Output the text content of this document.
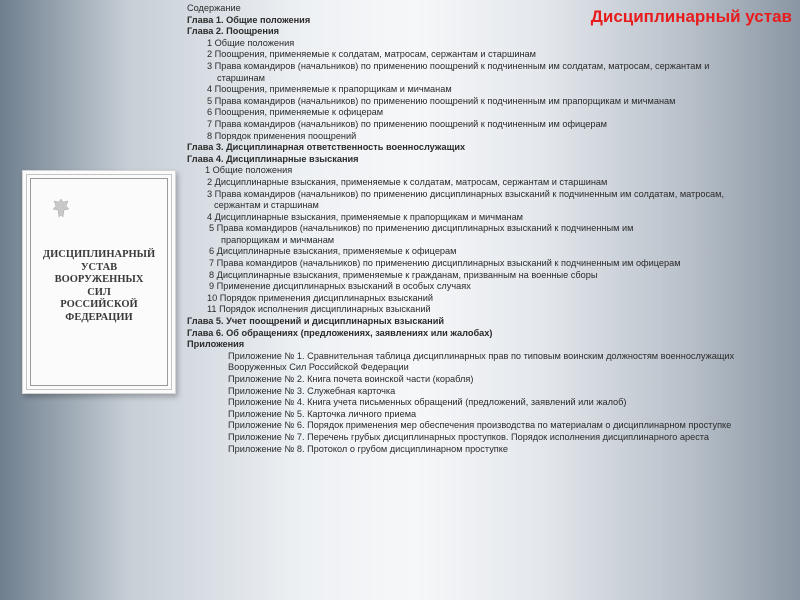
Дисциплинарный устав
ДИСЦИПЛИНАРНЫЙ
УСТАВ
ВООРУЖЕННЫХ
СИЛ
РОССИЙСКОЙ
ФЕДЕРАЦИИ
Содержание
Глава 1. Общие положения
Глава 2. Поощрения
1 Общие положения
2 Поощрения, применяемые к солдатам, матросам, сержантам и старшинам
3 Права командиров (начальников) по применению поощрений к подчиненным им солдатам, матросам, сержантам и
старшинам
4 Поощрения, применяемые к прапорщикам и мичманам
5 Права командиров (начальников) по применению поощрений к подчиненным им прапорщикам и мичманам
6 Поощрения, применяемые к офицерам
7 Права командиров (начальников) по применению поощрений к подчиненным им офицерам
8 Порядок применения поощрений
Глава 3. Дисциплинарная ответственность военнослужащих
Глава 4. Дисциплинарные взыскания
1 Общие положения
2 Дисциплинарные взыскания, применяемые к солдатам, матросам, сержантам и старшинам
3 Права командиров (начальников) по применению дисциплинарных взысканий к подчиненным им солдатам, матросам,
сержантам и старшинам
4 Дисциплинарные взыскания, применяемые к прапорщикам и мичманам
5 Права командиров (начальников) по применению дисциплинарных взысканий к подчиненным им
прапорщикам и мичманам
6 Дисциплинарные взыскания, применяемые к офицерам
7 Права командиров (начальников) по применению дисциплинарных взысканий к подчиненным им офицерам
8 Дисциплинарные взыскания, применяемые к гражданам, призванным на военные сборы
9 Применение дисциплинарных взысканий в особых случаях
10 Порядок применения дисциплинарных взысканий
11 Порядок исполнения дисциплинарных взысканий
Глава 5. Учет поощрений и дисциплинарных взысканий
Глава 6. Об обращениях (предложениях, заявлениях или жалобах)
Приложения
Приложение № 1. Сравнительная таблица дисциплинарных прав по типовым воинским должностям военнослужащих Вооруженных Сил Российской Федерации
Приложение № 2. Книга почета воинской части (корабля)
Приложение № 3. Служебная карточка
Приложение № 4. Книга учета письменных обращений (предложений, заявлений или жалоб)
Приложение № 5. Карточка личного приема
Приложение № 6. Порядок применения мер обеспечения производства по материалам о дисциплинарном проступке
Приложение № 7. Перечень грубых дисциплинарных проступков. Порядок исполнения дисциплинарного ареста
Приложение № 8. Протокол о грубом дисциплинарном проступке
